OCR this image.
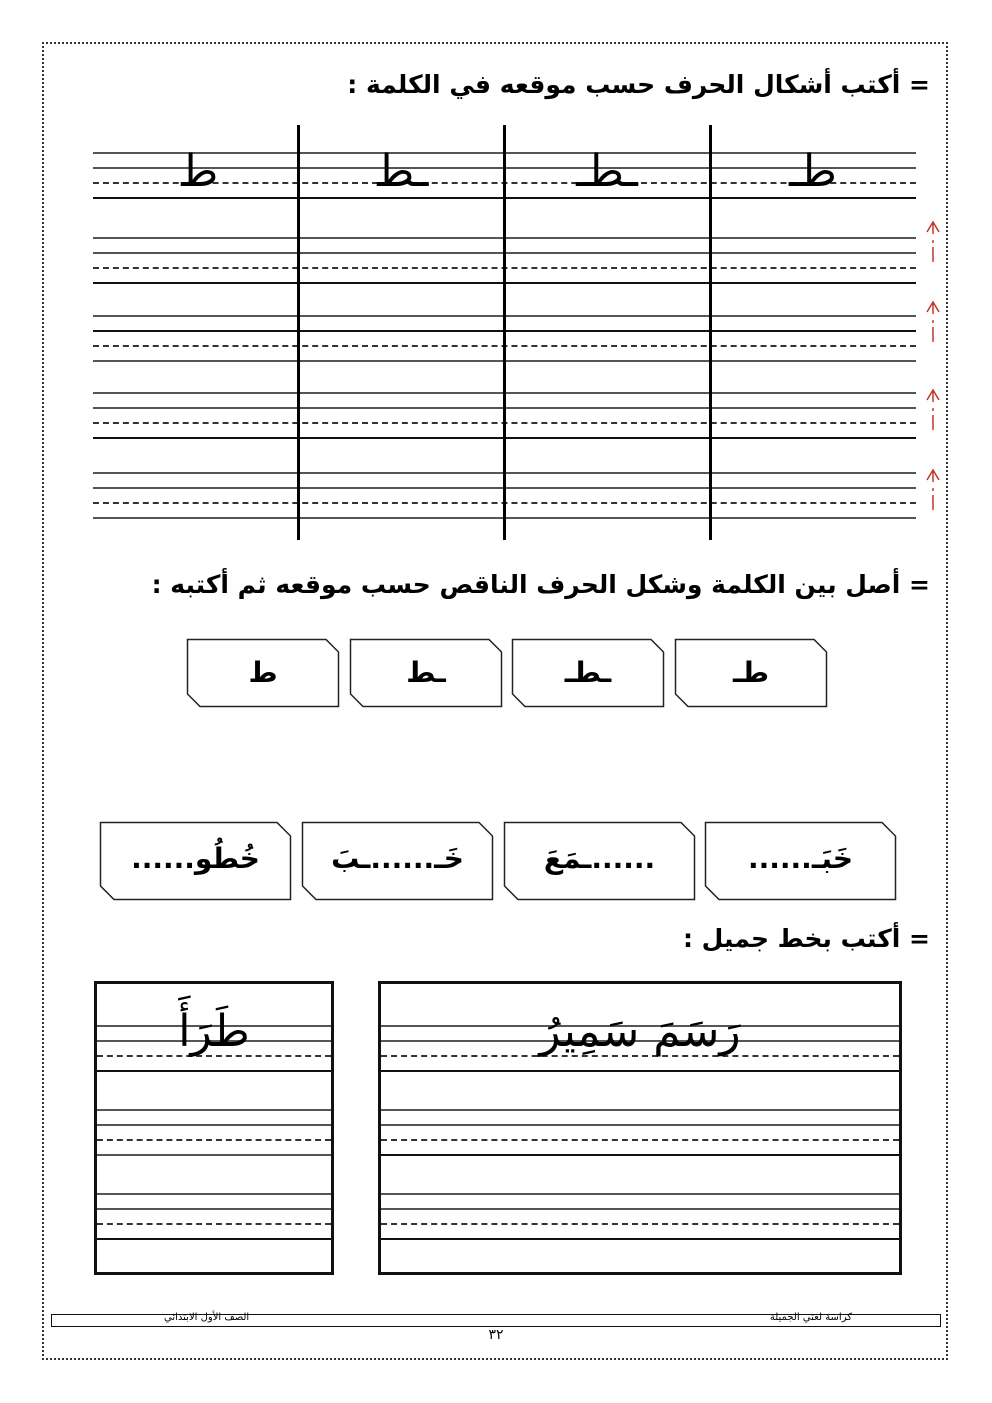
= أكتب أشكال الحرف حسب موقعه في الكلمة :
ط	ـط	ـطـ	طـ
= أصل بين الكلمة وشكل الحرف الناقص حسب موقعه ثم أكتبه :
ط	ـط	ـطـ	طـ
خُطُو......	خَـ......ـبَ	......ـمَعَ	خَبَـ......
= أكتب بخط جميل :
طَرَأَ	رَسَمَ سَمِيرُ
كراسة لغتي الجميلة
الصف الأول الابتدائي
٣٢
